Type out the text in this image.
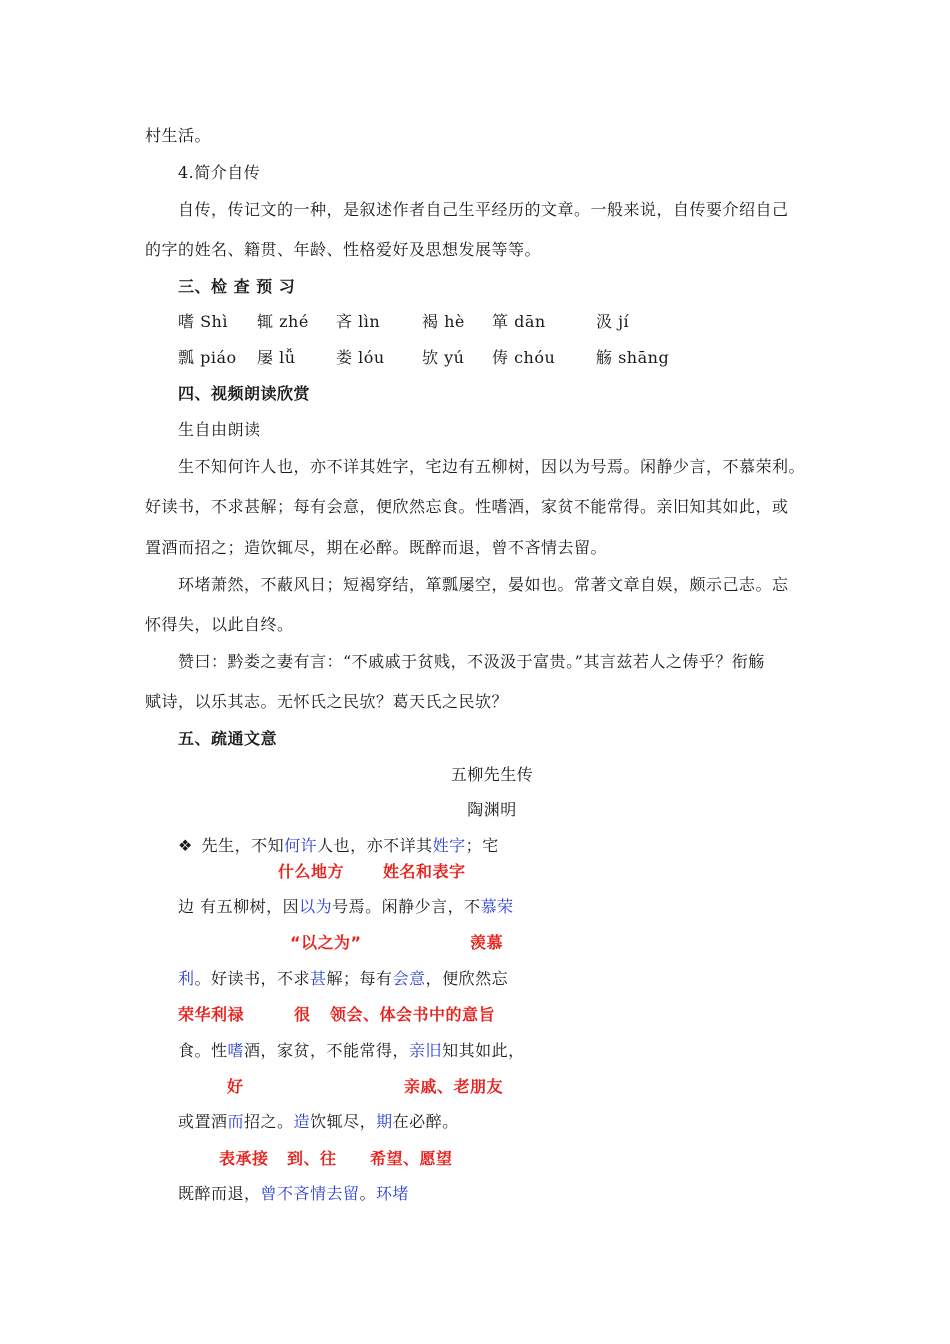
村生活。
4.简介自传
自传，传记文的一种，是叙述作者自己生平经历的文章。一般来说，自传要介绍自己
的字的姓名、籍贯、年龄、性格爱好及思想发展等等。
三、检 查 预 习
嗜 Shì 辄 zhé 吝 lìn	褐 hè 箪 dān	汲 jí
瓢 piáo 屡 lǚ	娄 lóu 欤 yú 俦 chóu	觞 shāng
四、视频朗读欣赏
生自由朗读
生不知何许人也，亦不详其姓字，宅边有五柳树，因以为号焉。闲静少言，不慕荣利。
好读书，不求甚解；每有会意，便欣然忘食。性嗜酒，家贫不能常得。亲旧知其如此，或
置酒而招之；造饮辄尽，期在必醉。既醉而退，曾不吝情去留。
环堵萧然，不蔽风日；短褐穿结，箪瓢屡空，晏如也。常著文章自娱，颇示己志。忘
怀得失，以此自终。
赞曰：黔娄之妻有言：“不戚戚于贫贱，不汲汲于富贵。”其言兹若人之俦乎？衔觞
赋诗，以乐其志。无怀氏之民欤？葛天氏之民欤？
五、疏通文意
五柳先生传
陶渊明
❖ 先生，不知何许人也，亦不详其姓字；宅
什么地方 姓名和表字
边 有五柳树，因以为号焉。闲静少言，不慕荣
“以之为”	羡慕
利。好读书，不求甚解；每有会意，便欣然忘
荣华利禄	很 领会、体会书中的意旨
食。性嗜酒，家贫，不能常得，亲旧知其如此，
好	亲戚、老朋友
或置酒而招之。造饮辄尽，期在必醉。
表承接 到、往 希望、愿望
既醉而退，曾不吝情去留。环堵
